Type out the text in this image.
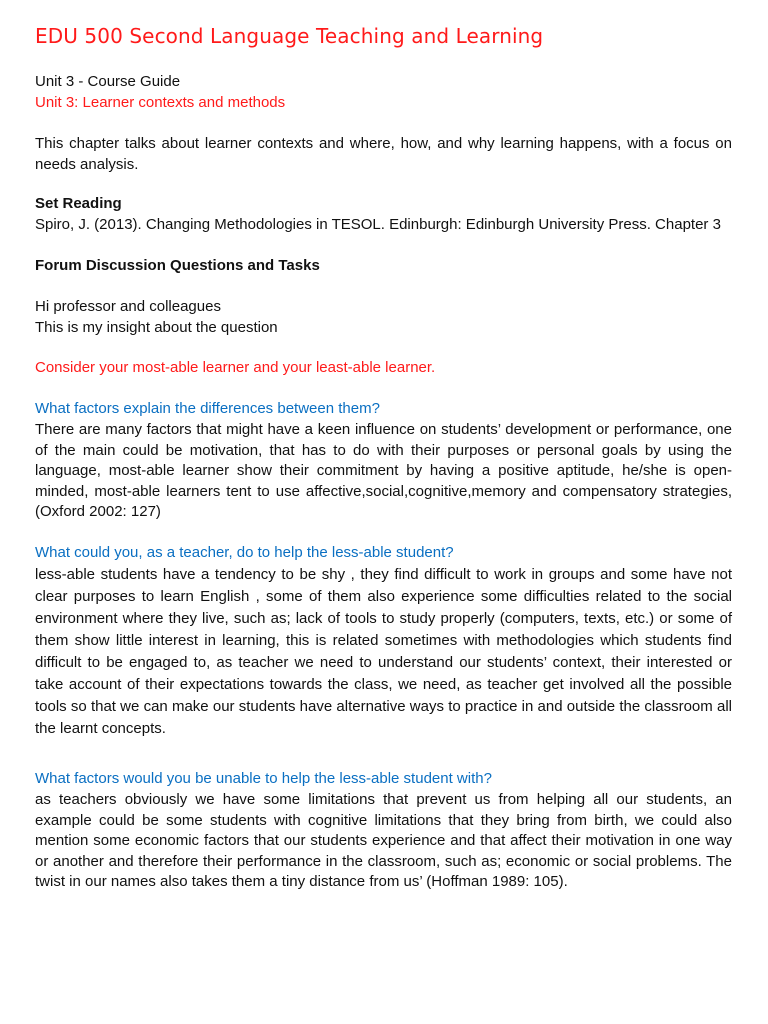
EDU 500 Second Language Teaching and Learning
Unit 3 - Course Guide
Unit 3: Learner contexts and methods

This chapter talks about learner contexts and where, how, and why learning happens, with a focus on needs analysis.

Set Reading
Spiro, J. (2013). Changing Methodologies in TESOL. Edinburgh: Edinburgh University Press. Chapter 3
Forum Discussion Questions and Tasks
Hi professor and colleagues
This is my insight about the question
Consider your most-able learner and your least-able learner.
What factors explain the differences between them?

There are many factors that might have a keen influence on students’ development or performance, one of the main could be motivation, that has to do with their purposes or personal goals by using the language, most-able learner show their commitment by having a positive aptitude, he/she is open-minded, most-able learners tent to use affective,social,cognitive,memory and compensatory strategies, (Oxford 2002: 127)

What could you, as a teacher, do to help the less-able student?

less-able students have a tendency to be shy , they find difficult to work in groups and some have not clear purposes to learn English , some of them also experience some difficulties related to the social environment where they live, such as; lack of tools to study properly (computers, texts, etc.) or some of them show little interest in learning, this is related sometimes with methodologies which students find difficult to be engaged to, as teacher we need to understand our students’ context, their interested or take account of their expectations towards the class, we need, as teacher get involved all the possible tools so that we can make our students have alternative ways to practice in and outside the classroom all the learnt concepts.

What factors would you be unable to help the less-able student with?

as teachers obviously we have some limitations that prevent us from helping all our students, an example could be some students with cognitive limitations that they bring from birth, we could also mention some economic factors that our students experience and that affect their motivation in one way or another and therefore their performance in the classroom, such as; economic or social problems. The twist in our names also takes them a tiny distance from us’ (Hoffman 1989: 105).
